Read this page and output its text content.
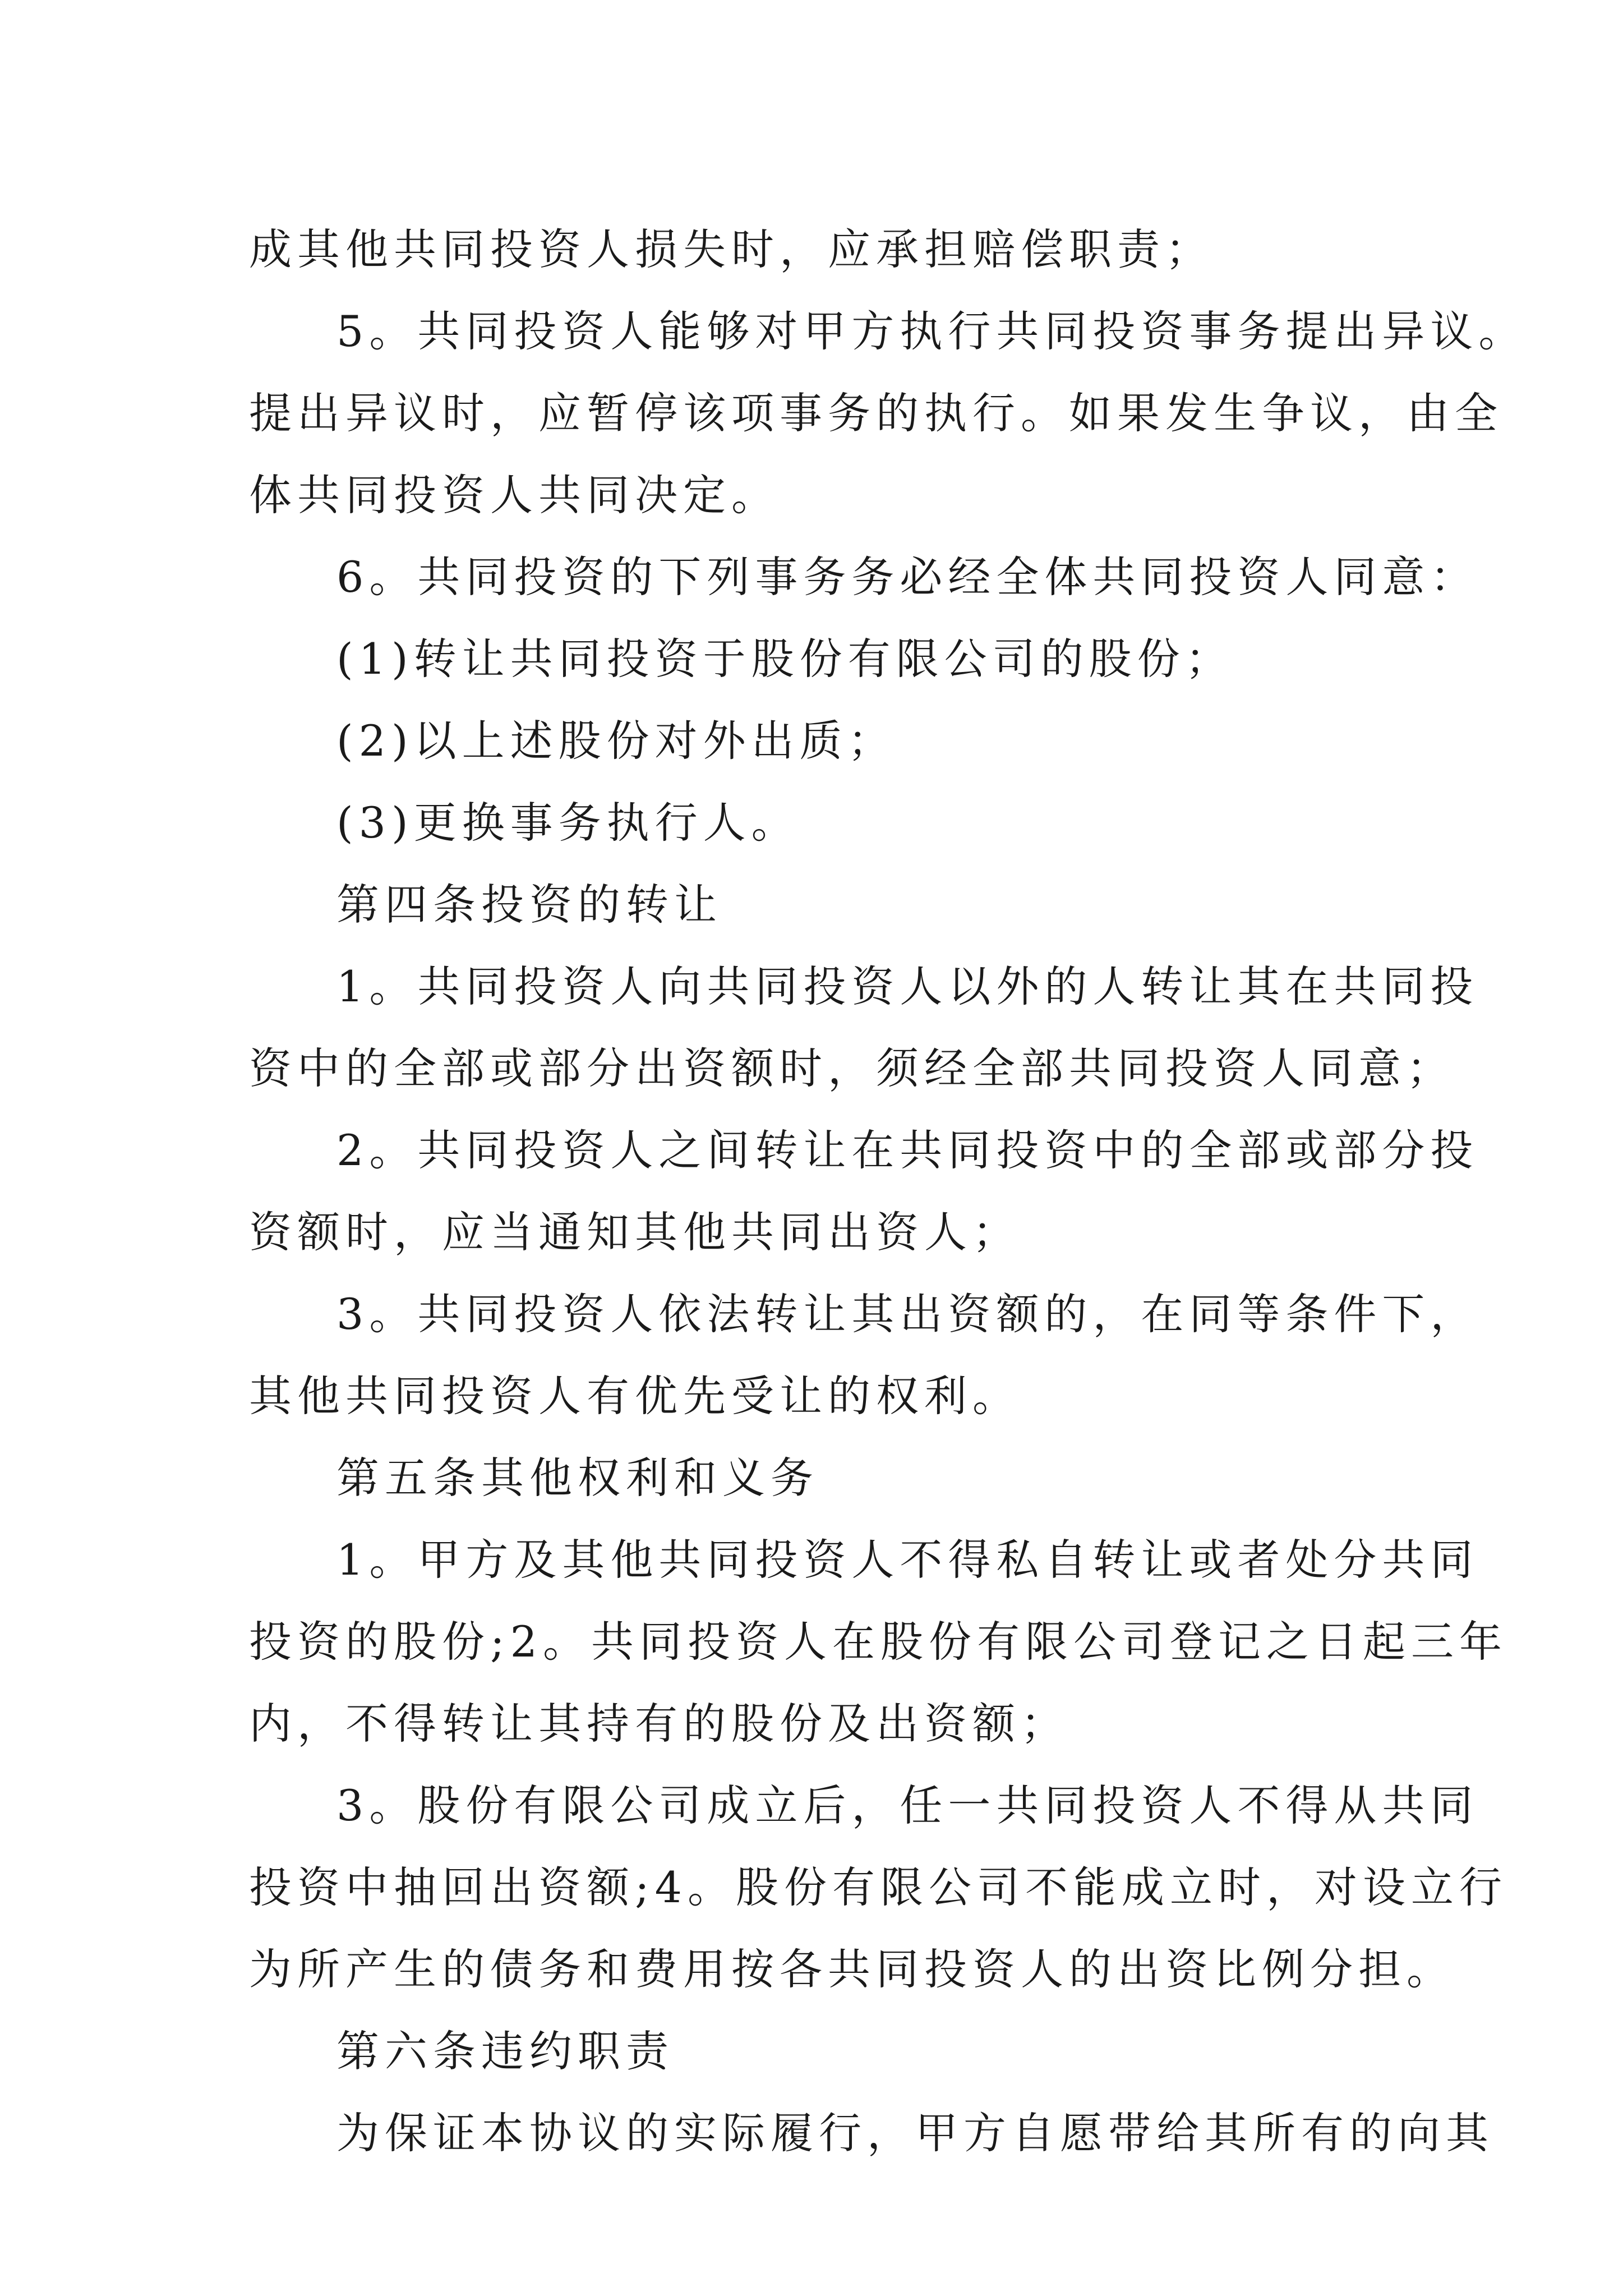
成其他共同投资人损失时，应承担赔偿职责；
5。共同投资人能够对甲方执行共同投资事务提出异议。
提出异议时，应暂停该项事务的执行。如果发生争议，由全
体共同投资人共同决定。
6。共同投资的下列事务务必经全体共同投资人同意：
(1)转让共同投资于股份有限公司的股份；
(2)以上述股份对外出质；
(3)更换事务执行人。
第四条投资的转让
1。共同投资人向共同投资人以外的人转让其在共同投
资中的全部或部分出资额时，须经全部共同投资人同意；
2。共同投资人之间转让在共同投资中的全部或部分投
资额时，应当通知其他共同出资人；
3。共同投资人依法转让其出资额的，在同等条件下，
其他共同投资人有优先受让的权利。
第五条其他权利和义务
1。甲方及其他共同投资人不得私自转让或者处分共同
投资的股份;2。共同投资人在股份有限公司登记之日起三年
内，不得转让其持有的股份及出资额；
3。股份有限公司成立后，任一共同投资人不得从共同
投资中抽回出资额;4。股份有限公司不能成立时，对设立行
为所产生的债务和费用按各共同投资人的出资比例分担。
第六条违约职责
为保证本协议的实际履行，甲方自愿带给其所有的向其
